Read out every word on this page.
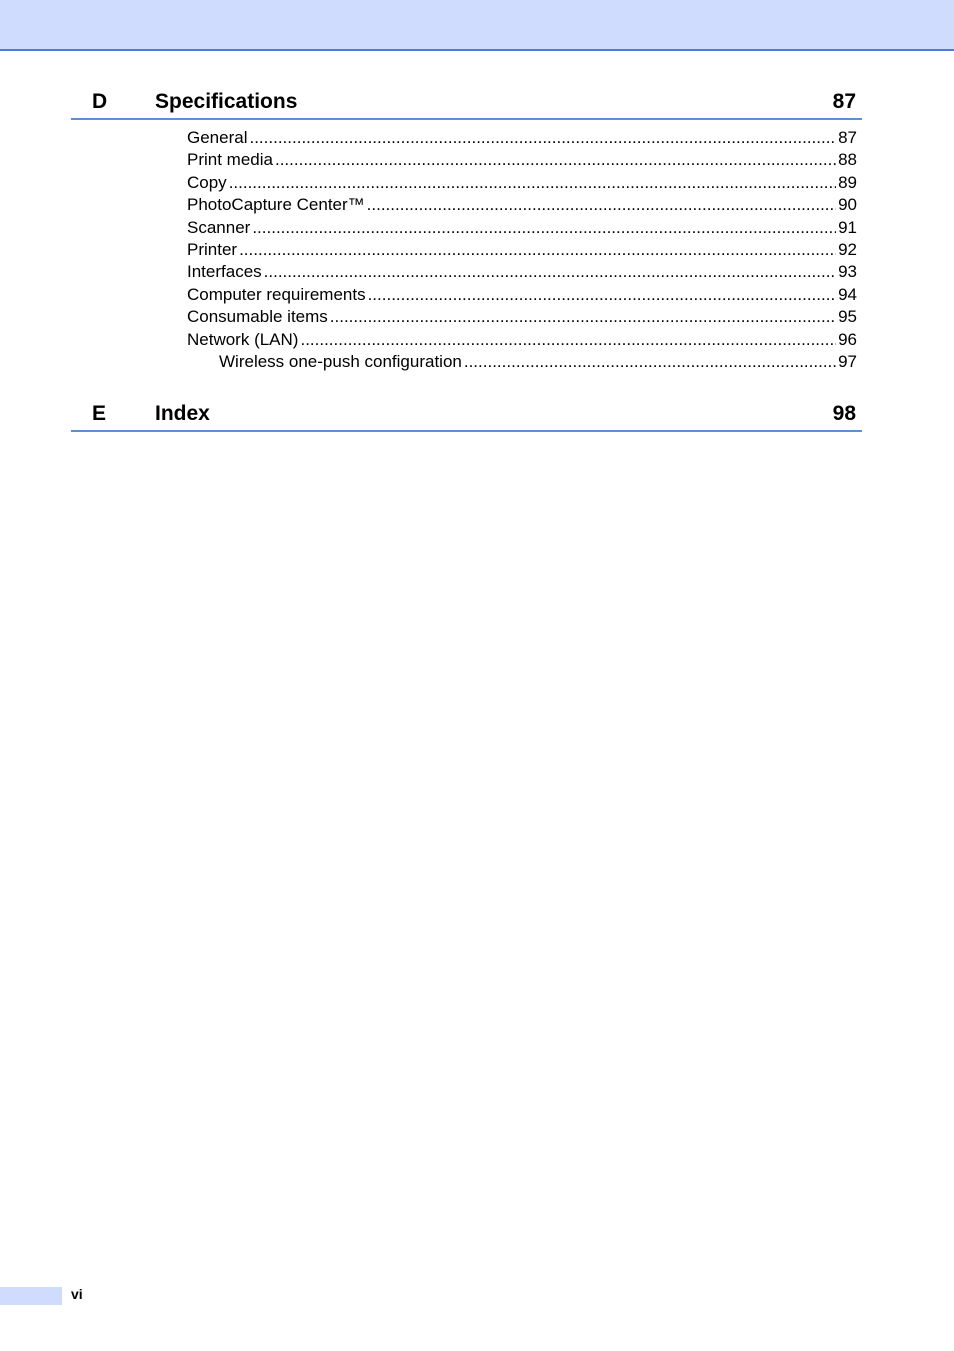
D Specifications	87
General .....	87
Print media .....	88
Copy .....	89
PhotoCapture Center™ .....	90
Scanner .....	91
Printer .....	92
Interfaces .....	93
Computer requirements .....	94
Consumable items .....	95
Network (LAN) .....	96
Wireless one-push configuration .....	97
E Index	98
vi
